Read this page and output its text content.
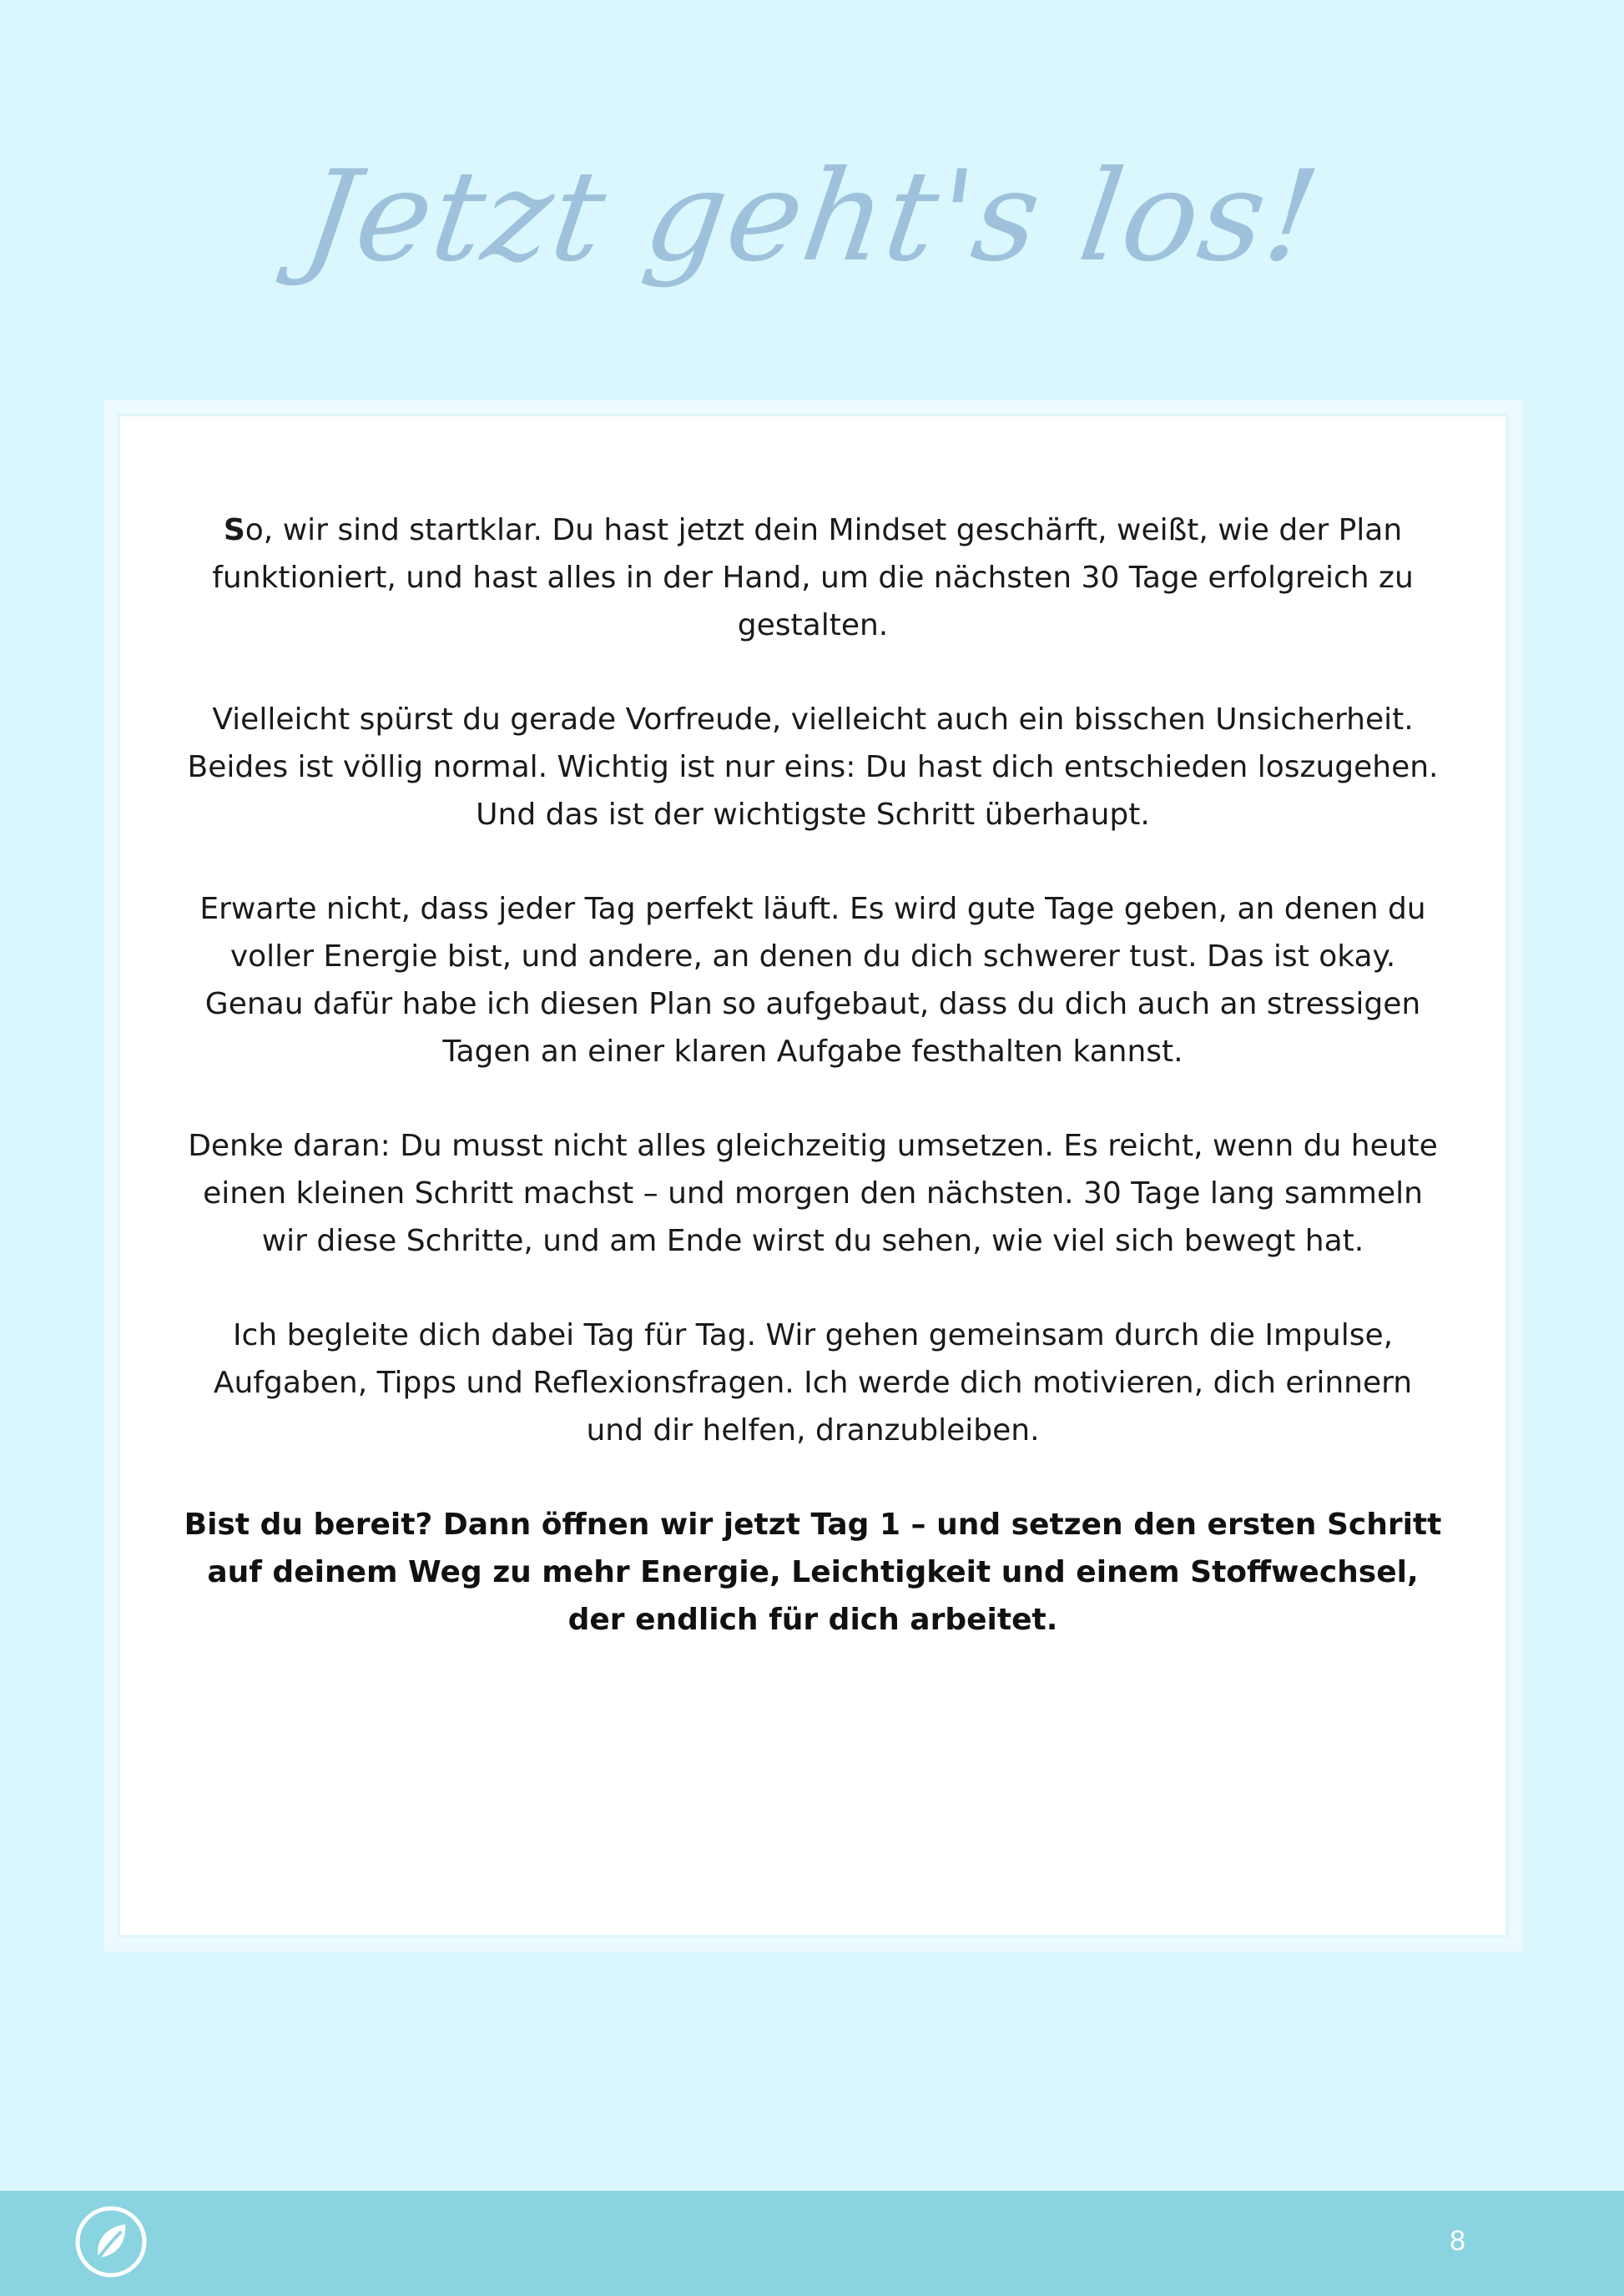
Jetzt geht's los!

So, wir sind startklar. Du hast jetzt dein Mindset geschärft, weißt, wie der Plan funktioniert, und hast alles in der Hand, um die nächsten 30 Tage erfolgreich zu gestalten.

Vielleicht spürst du gerade Vorfreude, vielleicht auch ein bisschen Unsicherheit. Beides ist völlig normal. Wichtig ist nur eins: Du hast dich entschieden loszugehen. Und das ist der wichtigste Schritt überhaupt.

Erwarte nicht, dass jeder Tag perfekt läuft. Es wird gute Tage geben, an denen du voller Energie bist, und andere, an denen du dich schwerer tust. Das ist okay. Genau dafür habe ich diesen Plan so aufgebaut, dass du dich auch an stressigen Tagen an einer klaren Aufgabe festhalten kannst.

Denke daran: Du musst nicht alles gleichzeitig umsetzen. Es reicht, wenn du heute einen kleinen Schritt machst – und morgen den nächsten. 30 Tage lang sammeln wir diese Schritte, und am Ende wirst du sehen, wie viel sich bewegt hat.

Ich begleite dich dabei Tag für Tag. Wir gehen gemeinsam durch die Impulse, Aufgaben, Tipps und Reflexionsfragen. Ich werde dich motivieren, dich erinnern und dir helfen, dranzubleiben.

Bist du bereit? Dann öffnen wir jetzt Tag 1 – und setzen den ersten Schritt auf deinem Weg zu mehr Energie, Leichtigkeit und einem Stoffwechsel, der endlich für dich arbeitet.

8
